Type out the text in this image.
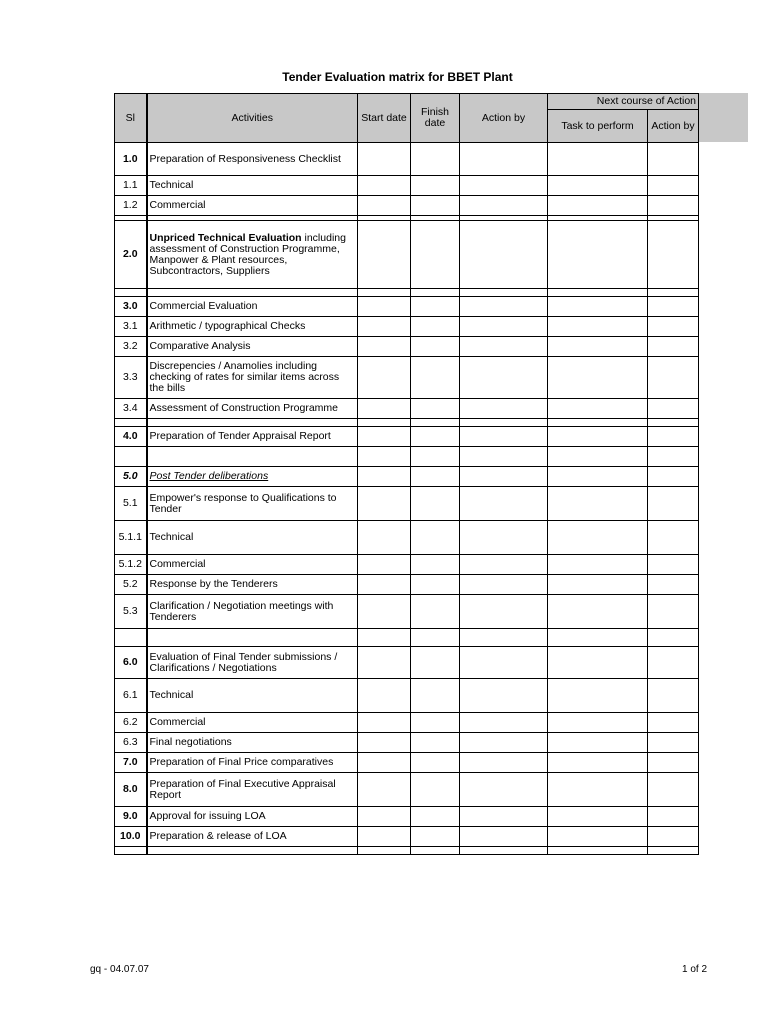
Tender Evaluation matrix for BBET Plant
Sl	Activities	Start date	Finish date	Action by	Next course of Action	
					Task to perform	Action by
1.0	Preparation of Responsiveness Checklist					
1.1	Technical					
1.2	Commercial					

2.0	Unpriced Technical Evaluation including assessment of Construction Programme, Manpower & Plant resources, Subcontractors, Suppliers					

3.0	Commercial Evaluation					
3.1	Arithmetic / typographical Checks					
3.2	Comparative Analysis					
3.3	Discrepencies / Anamolies including checking of rates for similar items across the bills					
3.4	Assessment of Construction Programme					

4.0	Preparation of Tender Appraisal Report					

5.0	Post Tender deliberations					
5.1	Empower's response to Qualifications to Tender					
5.1.1	Technical					
5.1.2	Commercial					
5.2	Response by the Tenderers					
5.3	Clarification / Negotiation meetings with Tenderers					

6.0	Evaluation of Final Tender submissions / Clarifications / Negotiations					
6.1	Technical					
6.2	Commercial					
6.3	Final negotiations					
7.0	Preparation of Final Price comparatives					
8.0	Preparation of Final Executive Appraisal Report					
9.0	Approval for issuing LOA					
10.0	Preparation & release of LOA					

gq - 04.07.07	1 of 2
